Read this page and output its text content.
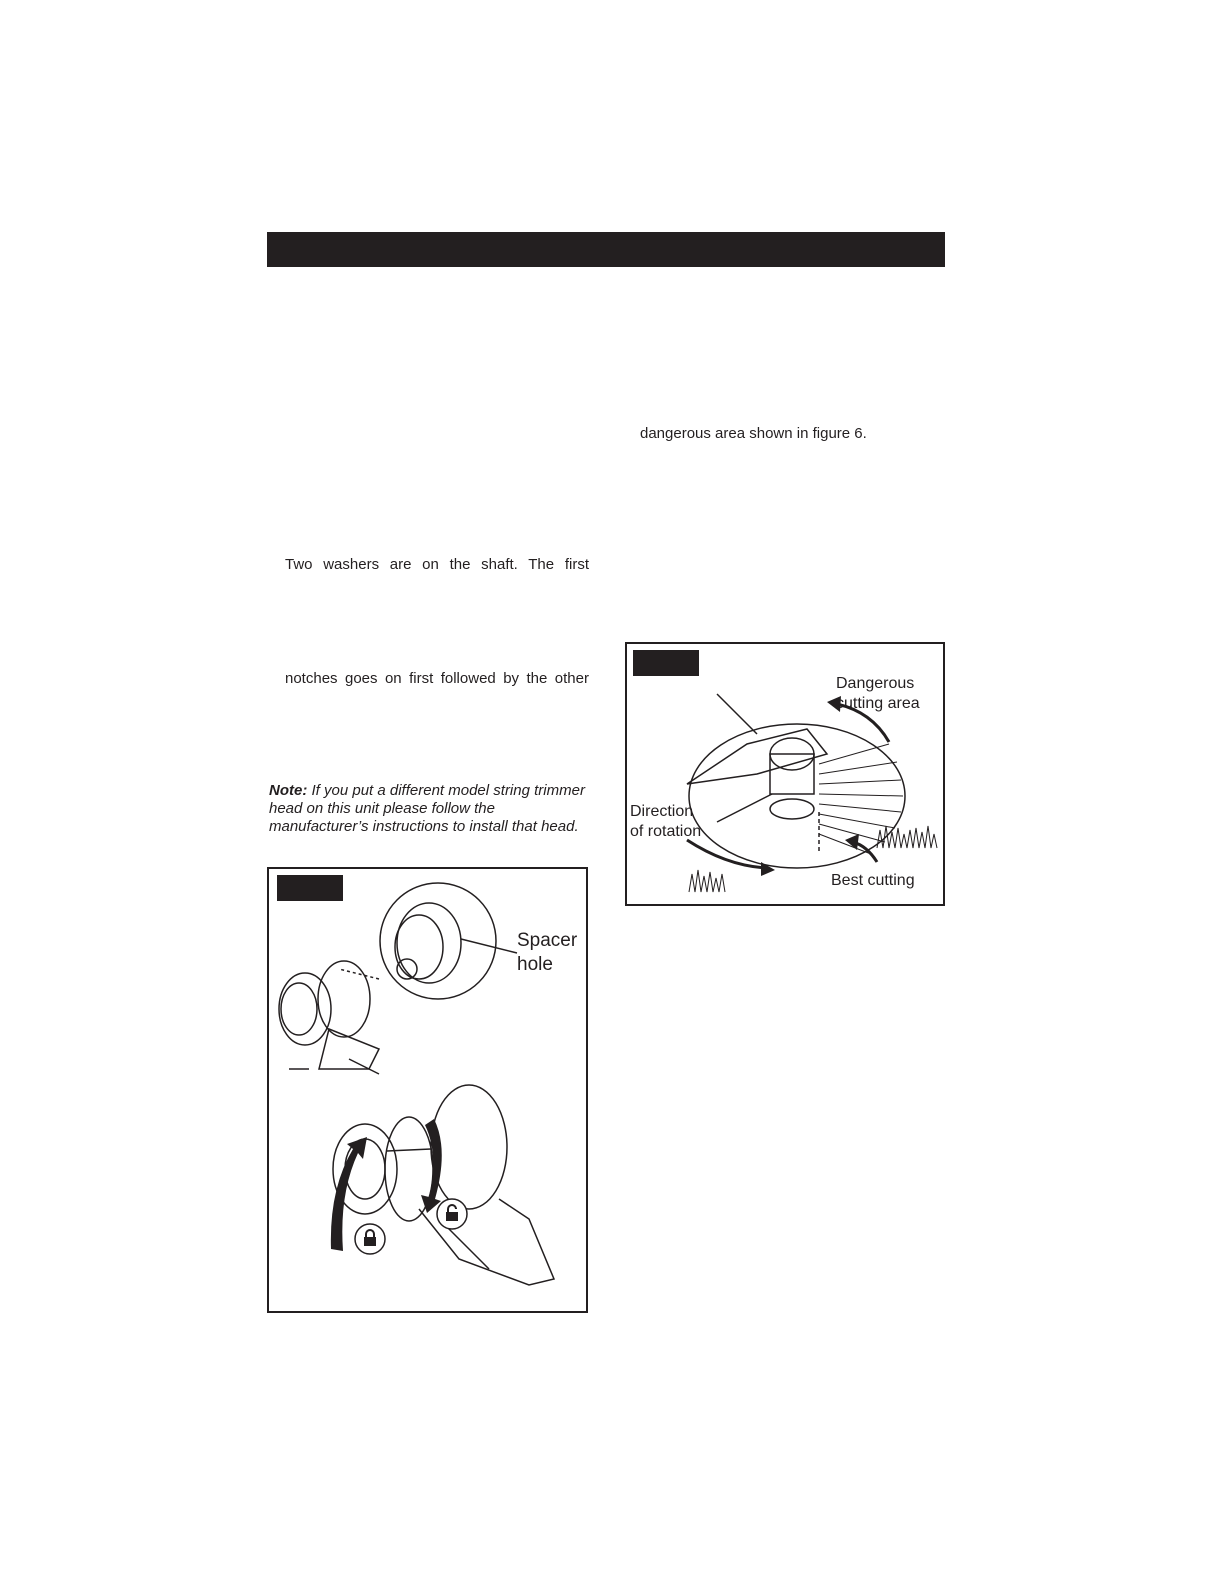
dangerous area shown in figure 6.
Two washers are on the shaft. The first
notches goes on first followed by the other
Note: If you put a different model string trimmer head on this unit please follow the manufacturer’s instructions to install that head.
Spacer
hole
Dangerous
cutting area
Direction
of rotation
Best cutting
